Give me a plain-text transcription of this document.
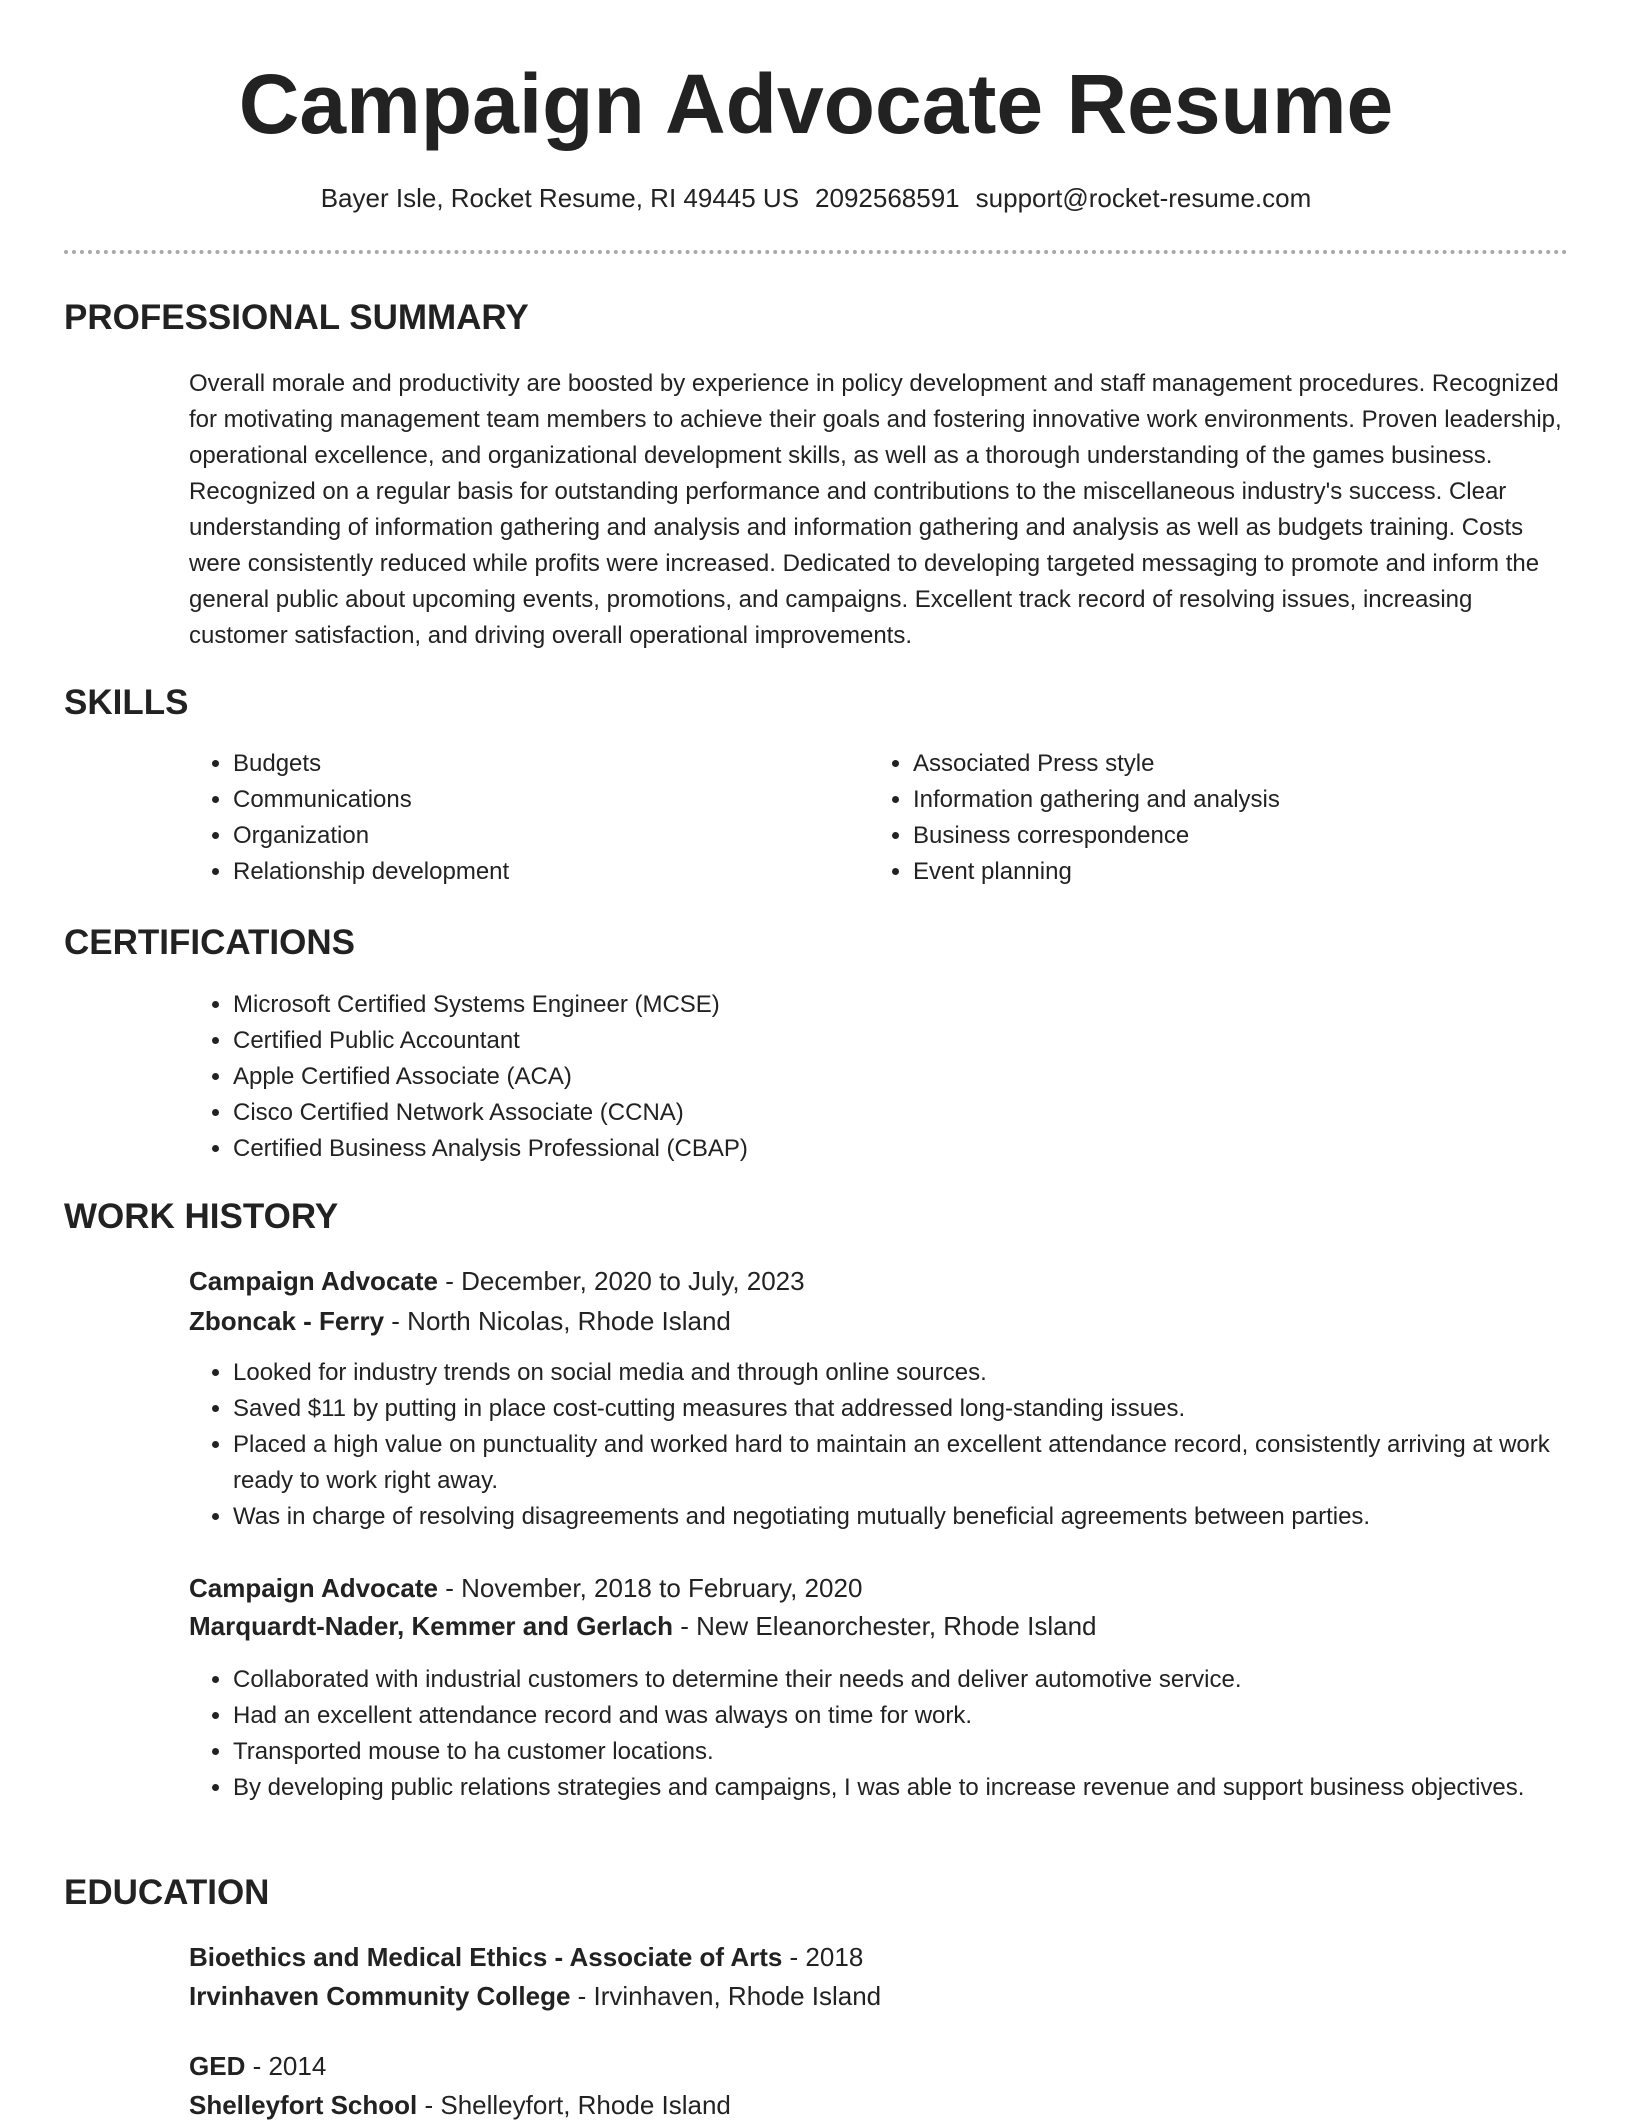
Campaign Advocate Resume
Bayer Isle, Rocket Resume, RI 49445 US 2092568591 support@rocket-resume.com
PROFESSIONAL SUMMARY

Overall morale and productivity are boosted by experience in policy development and staff management procedures. Recognized for motivating management team members to achieve their goals and fostering innovative work environments. Proven leadership, operational excellence, and organizational development skills, as well as a thorough understanding of the games business. Recognized on a regular basis for outstanding performance and contributions to the miscellaneous industry's success. Clear understanding of information gathering and analysis and information gathering and analysis as well as budgets training. Costs were consistently reduced while profits were increased. Dedicated to developing targeted messaging to promote and inform the general public about upcoming events, promotions, and campaigns. Excellent track record of resolving issues, increasing customer satisfaction, and driving overall operational improvements.

SKILLS
• Budgets
• Communications
• Organization
• Relationship development
• Associated Press style
• Information gathering and analysis
• Business correspondence
• Event planning
CERTIFICATIONS
• Microsoft Certified Systems Engineer (MCSE)
• Certified Public Accountant
• Apple Certified Associate (ACA)
• Cisco Certified Network Associate (CCNA)
• Certified Business Analysis Professional (CBAP)
WORK HISTORY
Campaign Advocate - December, 2020 to July, 2023
Zboncak - Ferry - North Nicolas, Rhode Island
• Looked for industry trends on social media and through online sources.
• Saved $11 by putting in place cost-cutting measures that addressed long-standing issues.
• Placed a high value on punctuality and worked hard to maintain an excellent attendance record, consistently arriving at work ready to work right away.
• Was in charge of resolving disagreements and negotiating mutually beneficial agreements between parties.
Campaign Advocate - November, 2018 to February, 2020
Marquardt-Nader, Kemmer and Gerlach - New Eleanorchester, Rhode Island
• Collaborated with industrial customers to determine their needs and deliver automotive service.
• Had an excellent attendance record and was always on time for work.
• Transported mouse to ha customer locations.
• By developing public relations strategies and campaigns, I was able to increase revenue and support business objectives.
EDUCATION
Bioethics and Medical Ethics - Associate of Arts - 2018
Irvinhaven Community College - Irvinhaven, Rhode Island
GED - 2014
Shelleyfort School - Shelleyfort, Rhode Island
